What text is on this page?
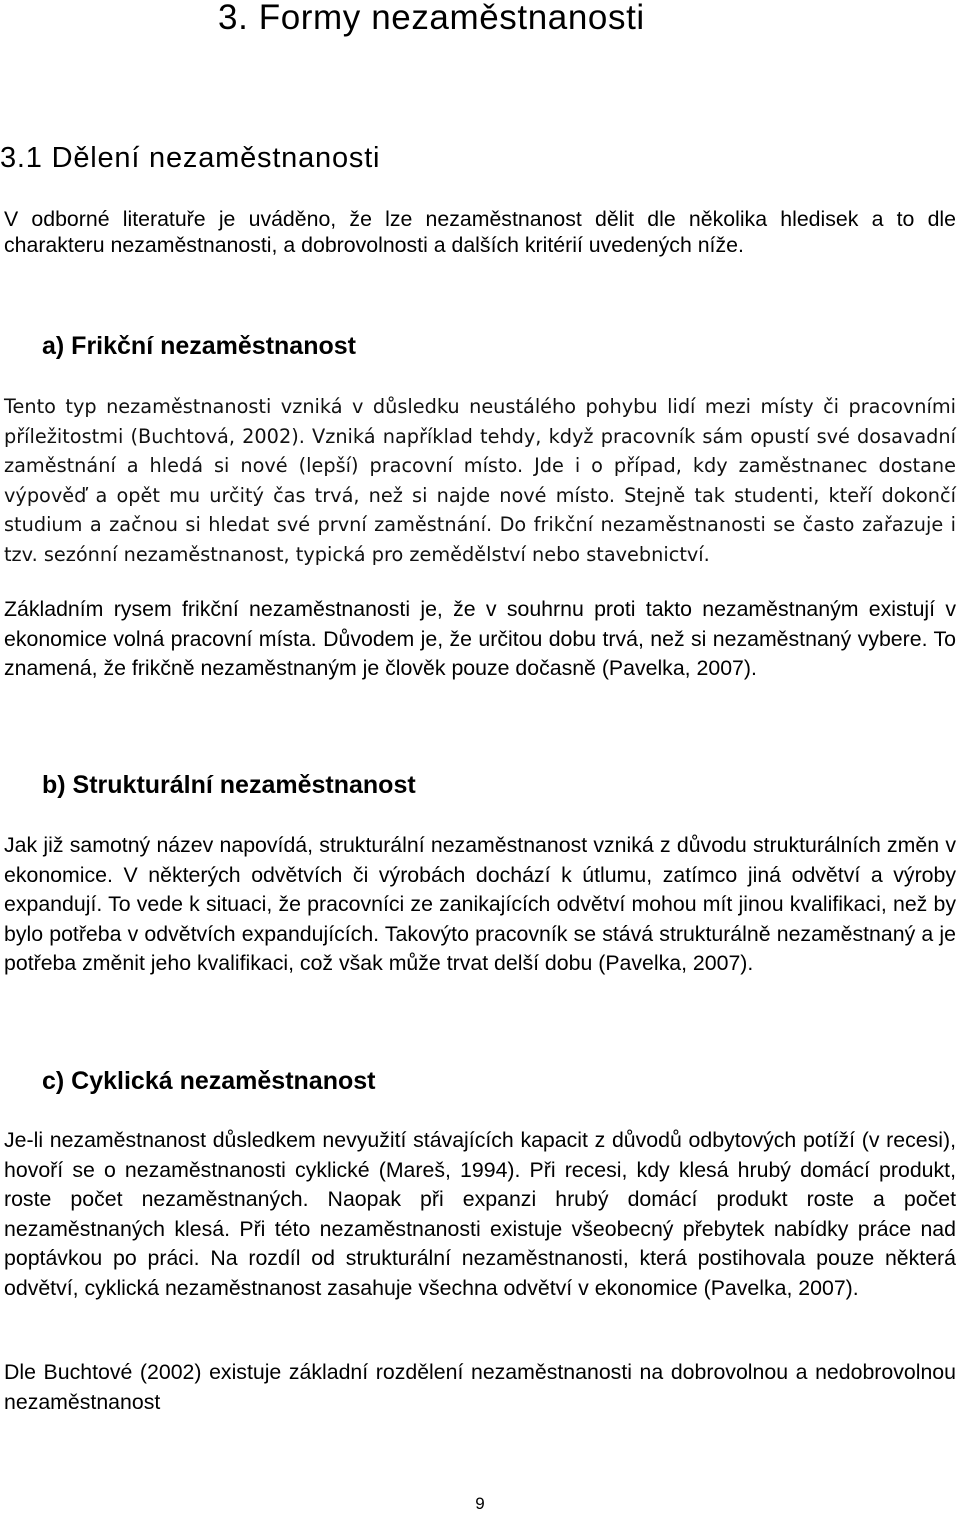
3. Formy nezaměstnanosti
3.1 Dělení nezaměstnanosti

V odborné literatuře je uváděno, že lze nezaměstnanost dělit dle několika hledisek a to dle charakteru nezaměstnanosti, a dobrovolnosti a dalších kritérií uvedených níže.

a) Frikční nezaměstnanost

Tento typ nezaměstnanosti vzniká v důsledku neustálého pohybu lidí mezi místy či pracovními příležitostmi (Buchtová, 2002). Vzniká například tehdy, když pracovník sám opustí své dosavadní zaměstnání a hledá si nové (lepší) pracovní místo. Jde i o případ, kdy zaměstnanec dostane výpověď a opět mu určitý čas trvá, než si najde nové místo. Stejně tak studenti, kteří dokončí studium a začnou si hledat své první zaměstnání. Do frikční nezaměstnanosti se často zařazuje i tzv. sezónní nezaměstnanost, typická pro zemědělství nebo stavebnictví.

Základním rysem frikční nezaměstnanosti je, že v souhrnu proti takto nezaměstnaným existují v ekonomice volná pracovní místa. Důvodem je, že určitou dobu trvá, než si nezaměstnaný vybere. To znamená, že frikčně nezaměstnaným je člověk pouze dočasně (Pavelka, 2007).

b) Strukturální nezaměstnanost

Jak již samotný název napovídá, strukturální nezaměstnanost vzniká z důvodu strukturálních změn v ekonomice. V některých odvětvích či výrobách dochází k útlumu, zatímco jiná odvětví a výroby expandují. To vede k situaci, že pracovníci ze zanikajících odvětví mohou mít jinou kvalifikaci, než by bylo potřeba v odvětvích expandujících. Takovýto pracovník se stává strukturálně nezaměstnaný a je potřeba změnit jeho kvalifikaci, což však může trvat delší dobu (Pavelka, 2007).

c) Cyklická nezaměstnanost

Je-li nezaměstnanost důsledkem nevyužití stávajících kapacit z důvodů odbytových potíží (v recesi), hovoří se o nezaměstnanosti cyklické (Mareš, 1994). Při recesi, kdy klesá hrubý domácí produkt, roste počet nezaměstnaných. Naopak při expanzi hrubý domácí produkt roste a počet nezaměstnaných klesá. Při této nezaměstnanosti existuje všeobecný přebytek nabídky práce nad poptávkou po práci. Na rozdíl od strukturální nezaměstnanosti, která postihovala pouze některá odvětví, cyklická nezaměstnanost zasahuje všechna odvětví v ekonomice (Pavelka, 2007).

Dle Buchtové (2002) existuje základní rozdělení nezaměstnanosti na dobrovolnou a nedobrovolnou nezaměstnanost

9
